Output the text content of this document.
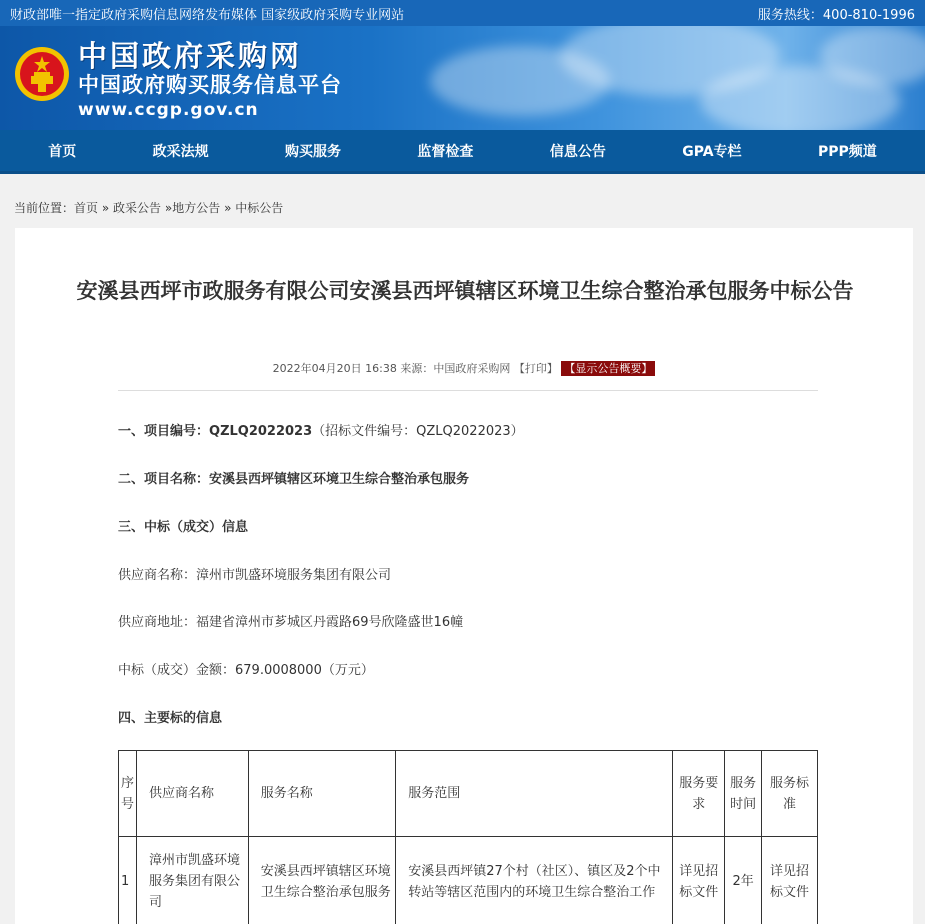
财政部唯一指定政府采购信息网络发布媒体 国家级政府采购专业网站	服务热线：400-810-1996
中国政府采购网
中国政府购买服务信息平台
www.ccgp.gov.cn
首页	政采法规	购买服务	监督检查	信息公告	GPA专栏	PPP频道
当前位置：首页 » 政采公告 »地方公告 » 中标公告
安溪县西坪市政服务有限公司安溪县西坪镇辖区环境卫生综合整治承包服务中标公告
2022年04月20日 16:38 来源：中国政府采购网 【打印】 【显示公告概要】
一、项目编号：QZLQ2022023（招标文件编号：QZLQ2022023）
二、项目名称：安溪县西坪镇辖区环境卫生综合整治承包服务
三、中标（成交）信息
供应商名称：漳州市凯盛环境服务集团有限公司
供应商地址：福建省漳州市芗城区丹霞路69号欣隆盛世16幢
中标（成交）金额：679.0008000（万元）
四、主要标的信息
序号	供应商名称	服务名称	服务范围	服务要求	服务时间	服务标准
1	漳州市凯盛环境服务集团有限公司	安溪县西坪镇辖区环境卫生综合整治承包服务	安溪县西坪镇27个村（社区）、镇区及2个中转站等辖区范围内的环境卫生综合整治工作	详见招标文件	2年	详见招标文件
